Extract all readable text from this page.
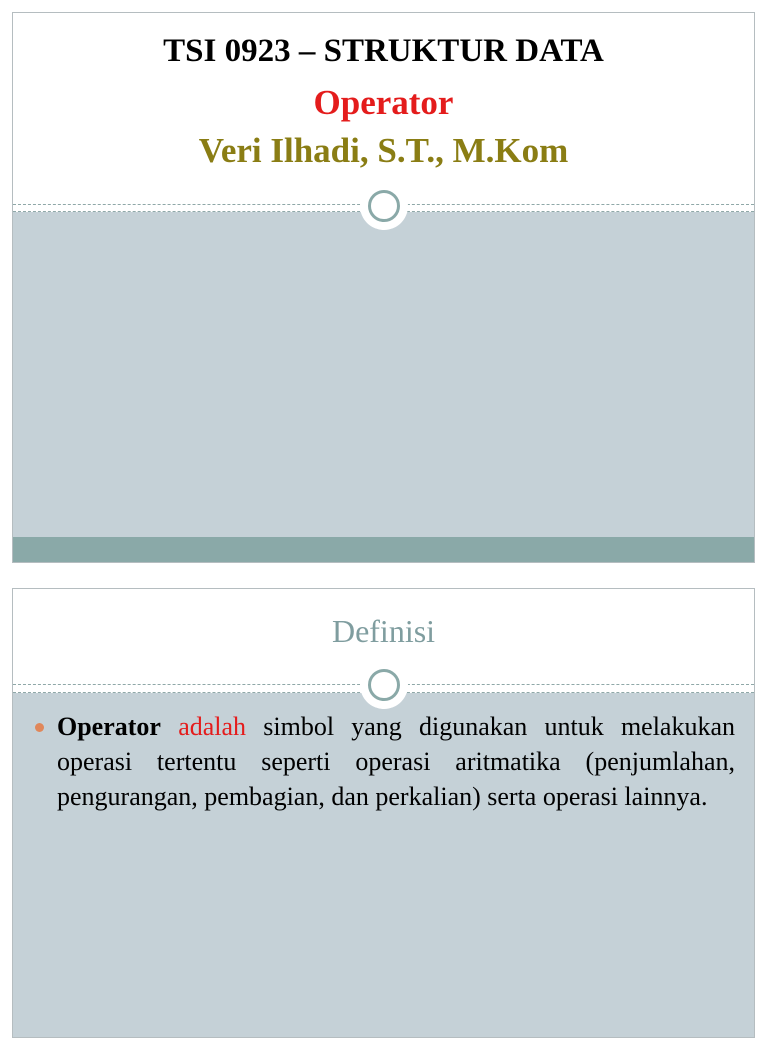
TSI 0923 – STRUKTUR DATA
Operator
Veri Ilhadi, S.T., M.Kom
Definisi
Operator adalah simbol yang digunakan untuk melakukan operasi tertentu seperti operasi aritmatika (penjumlahan, pengurangan, pembagian, dan perkalian) serta operasi lainnya.
